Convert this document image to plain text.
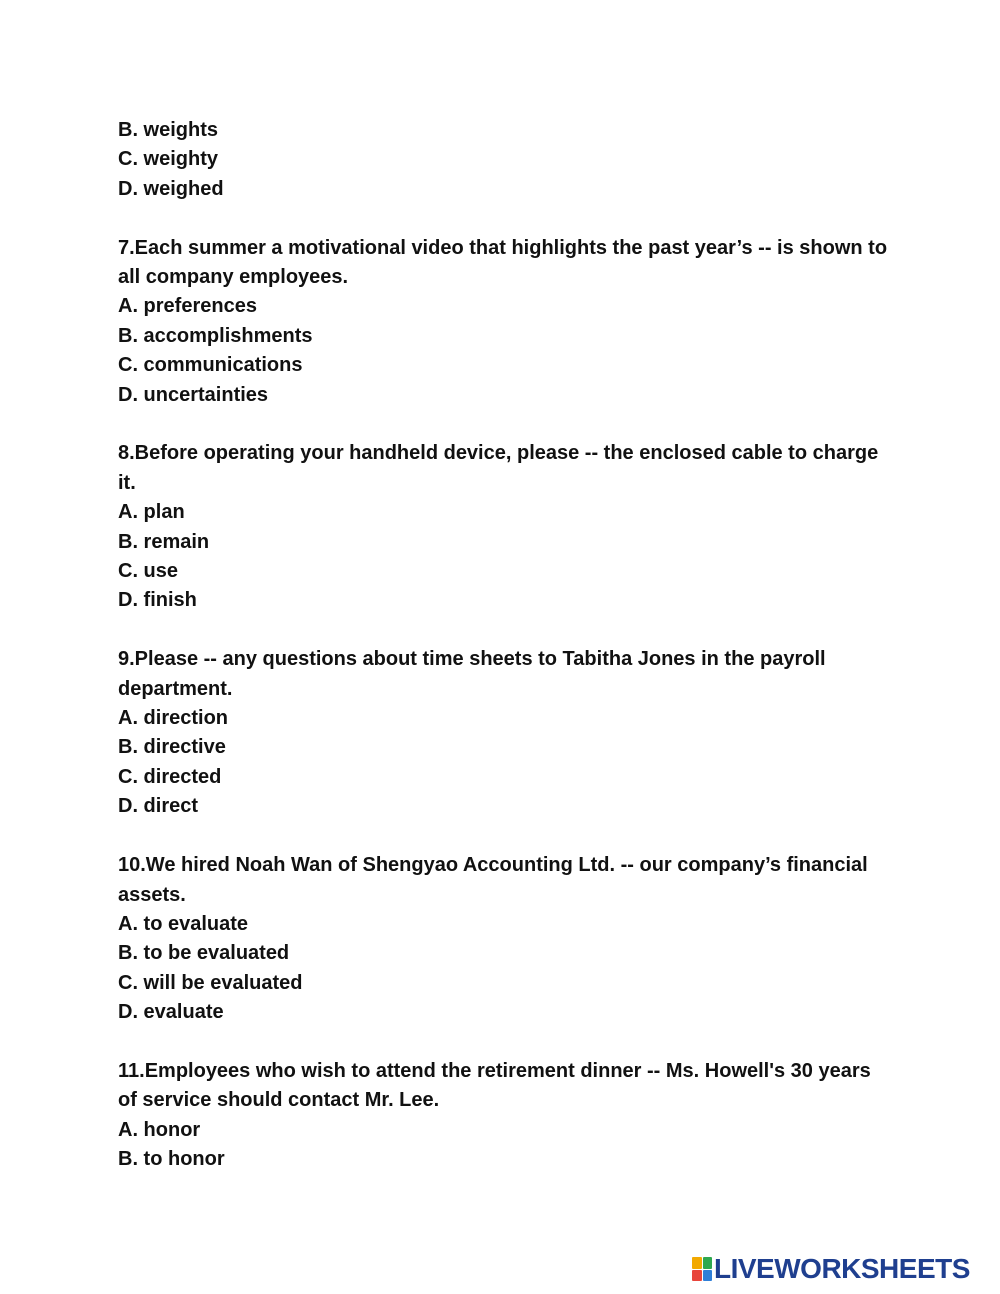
B. weights
C. weighty
D. weighed
7.Each summer a motivational video that highlights the past year’s -- is shown to all company employees.
A. preferences
B. accomplishments
C. communications
D. uncertainties
8.Before operating your handheld device, please -- the enclosed cable to charge it.
A. plan
B. remain
C. use
D. finish
9.Please -- any questions about time sheets to Tabitha Jones in the payroll department.
A. direction
B. directive
C. directed
D. direct
10.We hired Noah Wan of Shengyao Accounting Ltd. -- our company’s financial assets.
A. to evaluate
B. to be evaluated
C. will be evaluated
D. evaluate
11.Employees who wish to attend the retirement dinner -- Ms. Howell's 30 years of service should contact Mr. Lee.
A. honor
B. to honor
LIVEWORKSHEETS
